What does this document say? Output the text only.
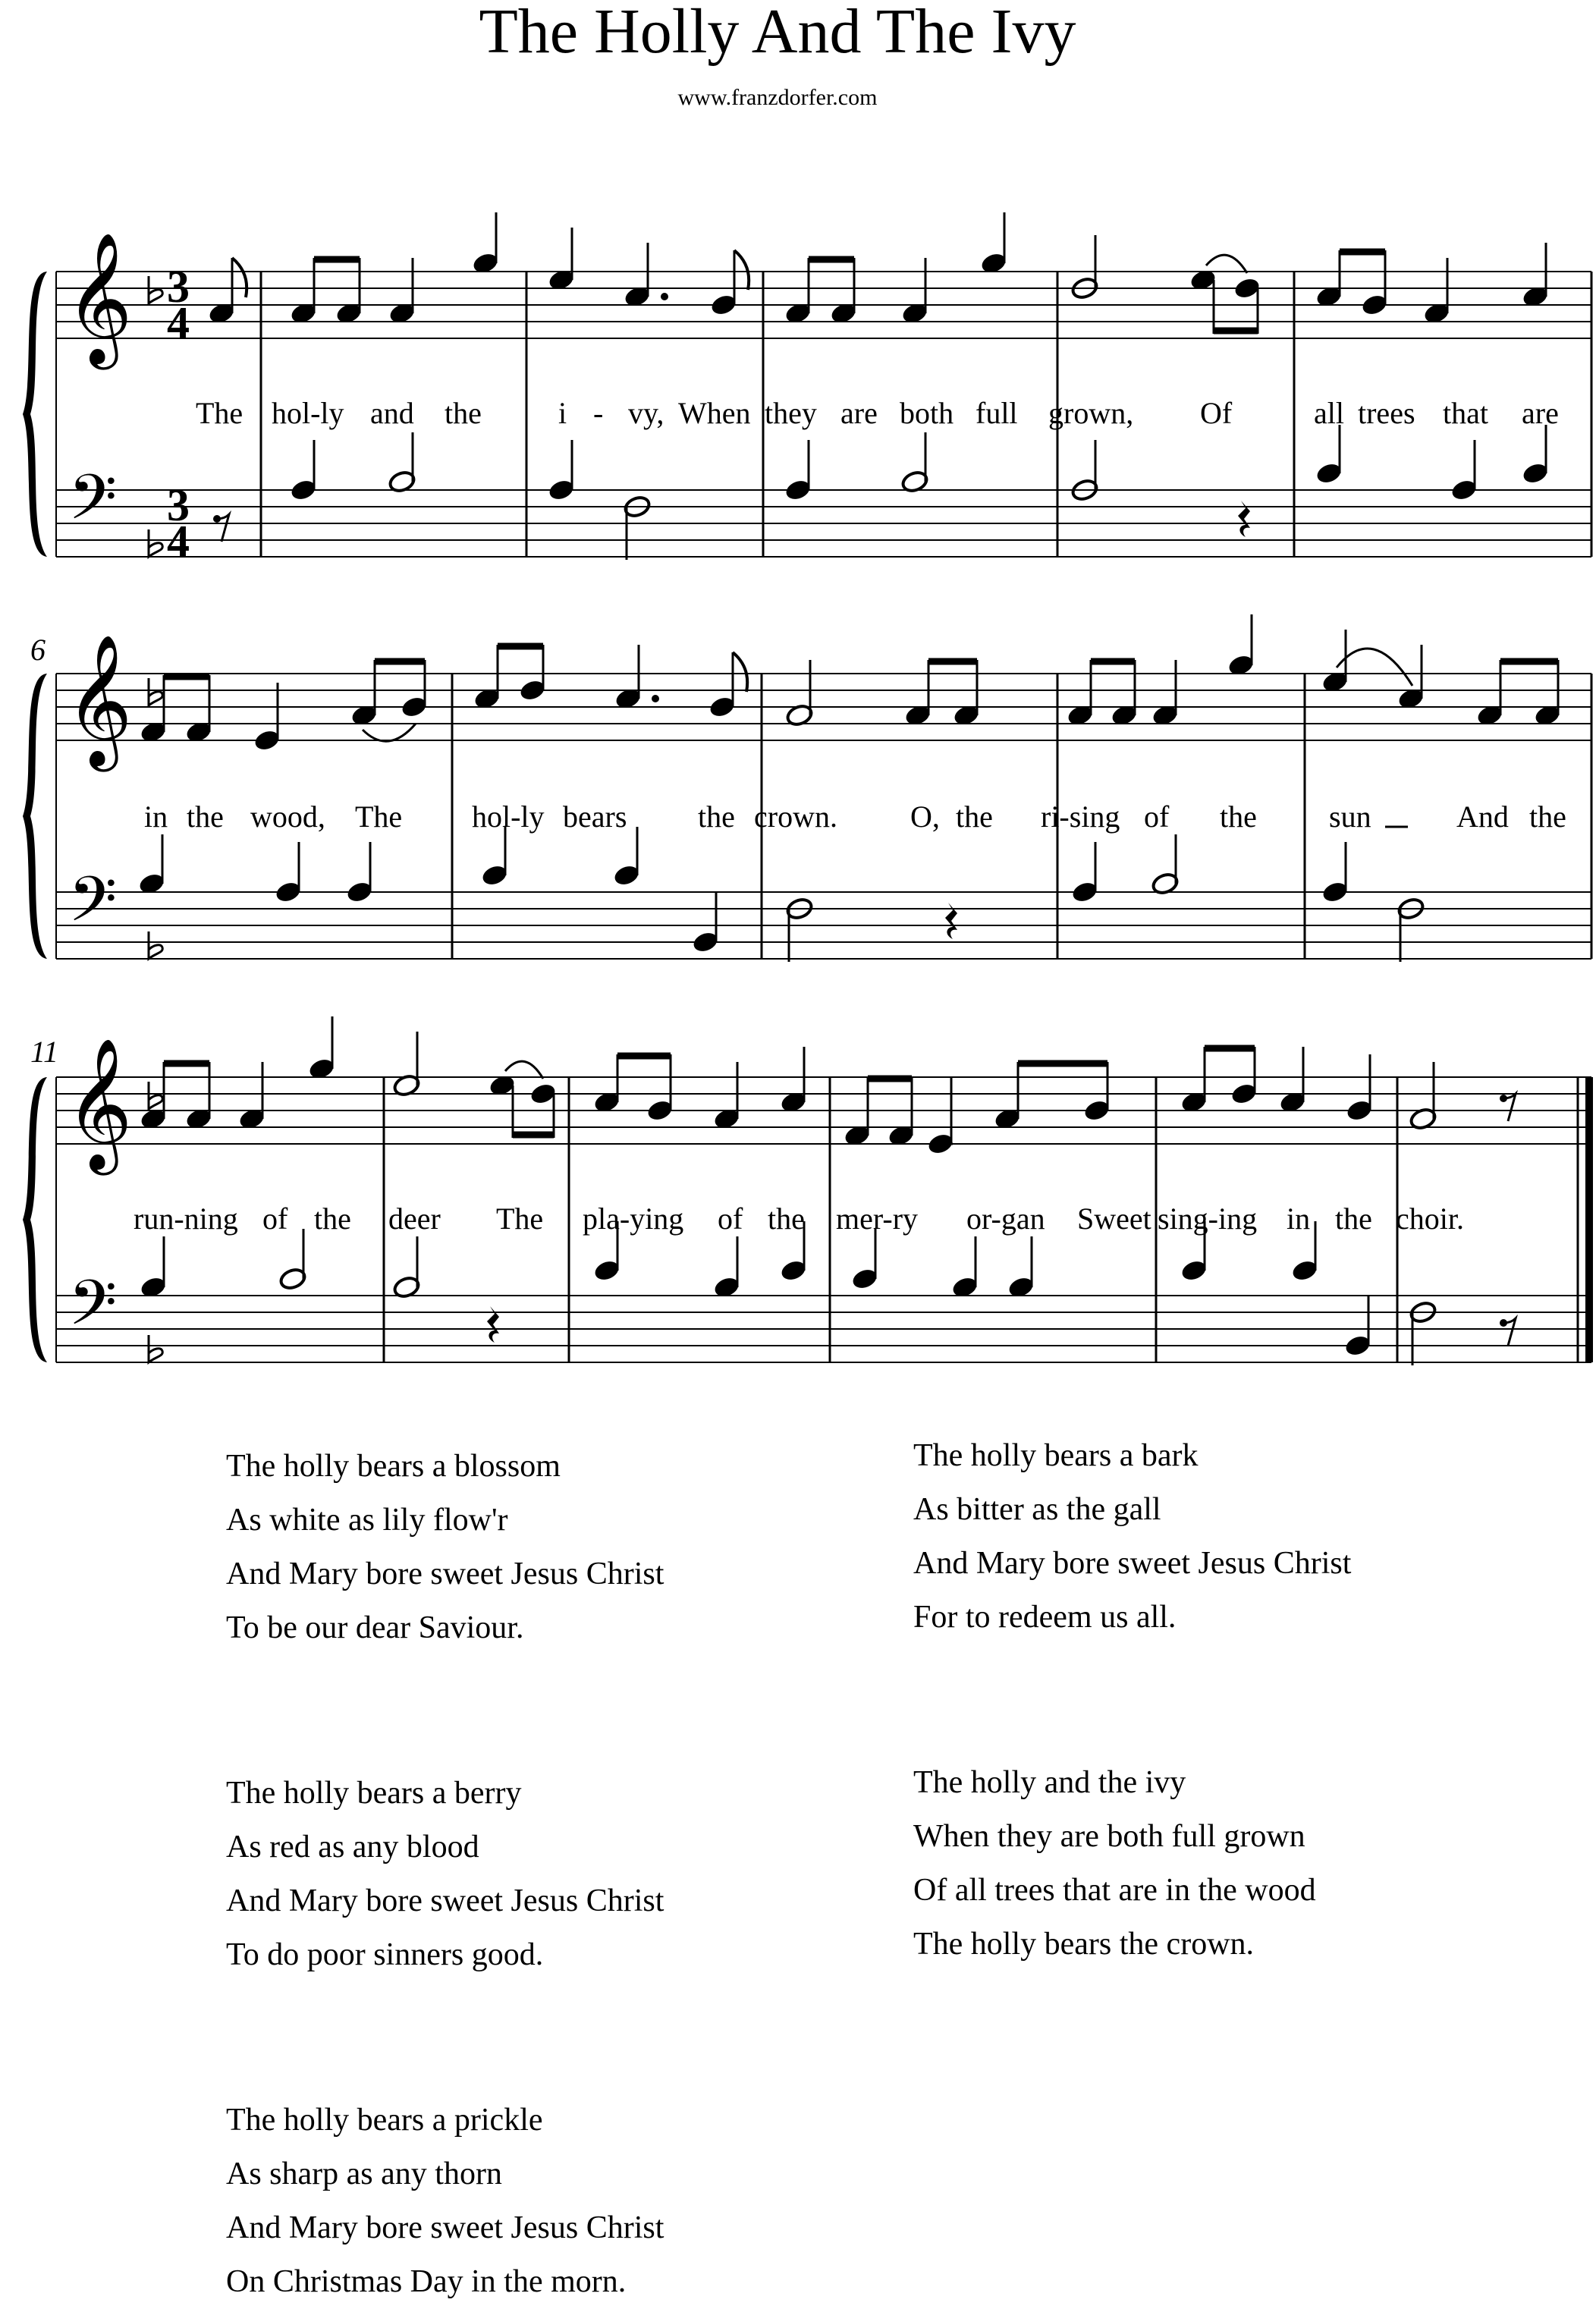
The Holly And The Ivy
www.franzdorfer.com
𝄞
𝄢
3
4
3
4
The hol-ly and the	i - vy, When they are both full grown, Of	all trees that are
6 𝄞
𝄢
in the wood, The hol-ly bears the crown. O, the ri-sing of the sun	And the
11 𝄞
𝄢
run-ning of the deer The pla-ying of the mer-ry or-gan Sweet sing-ing in the choir.
The holly bears a blossom
As white as lily flow'r
And Mary bore sweet Jesus Christ
To be our dear Saviour.
The holly bears a bark
As bitter as the gall
And Mary bore sweet Jesus Christ
For to redeem us all.
The holly bears a berry
As red as any blood
And Mary bore sweet Jesus Christ
To do poor sinners good.
The holly and the ivy
When they are both full grown
Of all trees that are in the wood
The holly bears the crown.
The holly bears a prickle
As sharp as any thorn
And Mary bore sweet Jesus Christ
On Christmas Day in the morn.
